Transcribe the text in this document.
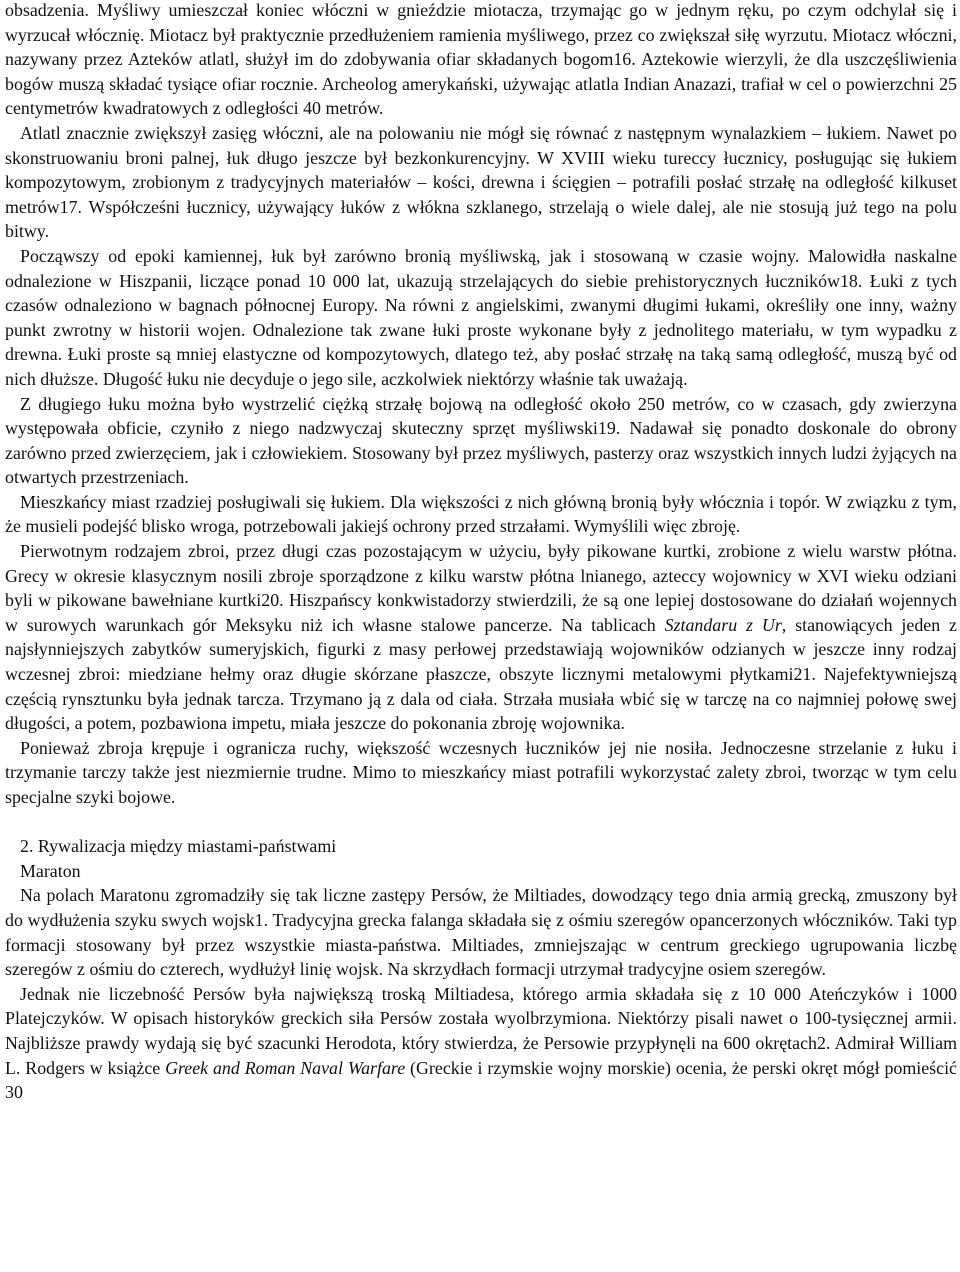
obsadzenia. Myśliwy umieszczał koniec włóczni w gnieździe miotacza, trzymając go w jednym ręku, po czym odchylał się i wyrzucał włócznię. Miotacz był praktycznie przedłużeniem ramienia myśliwego, przez co zwiększał siłę wyrzutu. Miotacz włóczni, nazywany przez Azteków atlatl, służył im do zdobywania ofiar składanych bogom16. Aztekowie wierzyli, że dla uszczęśliwienia bogów muszą składać tysiące ofiar rocznie. Archeolog amerykański, używając atlatla Indian Anazazi, trafiał w cel o powierzchni 25 centymetrów kwadratowych z odległości 40 metrów.

Atlatl znacznie zwiększył zasięg włóczni, ale na polowaniu nie mógł się równać z następnym wynalazkiem – łukiem. Nawet po skonstruowaniu broni palnej, łuk długo jeszcze był bezkonkurencyjny. W XVIII wieku tureccy łucznicy, posługując się łukiem kompozytowym, zrobionym z tradycyjnych materiałów – kości, drewna i ścięgien – potrafili posłać strzałę na odległość kilkuset metrów17. Współcześni łucznicy, używający łuków z włókna szklanego, strzelają o wiele dalej, ale nie stosują już tego na polu bitwy.

Począwszy od epoki kamiennej, łuk był zarówno bronią myśliwską, jak i stosowaną w czasie wojny. Malowidła naskalne odnalezione w Hiszpanii, liczące ponad 10 000 lat, ukazują strzelających do siebie prehistorycznych łuczników18. Łuki z tych czasów odnaleziono w bagnach północnej Europy. Na równi z angielskimi, zwanymi długimi łukami, określiły one inny, ważny punkt zwrotny w historii wojen. Odnalezione tak zwane łuki proste wykonane były z jednolitego materiału, w tym wypadku z drewna. Łuki proste są mniej elastyczne od kompozytowych, dlatego też, aby posłać strzałę na taką samą odległość, muszą być od nich dłuższe. Długość łuku nie decyduje o jego sile, aczkolwiek niektórzy właśnie tak uważają.

Z długiego łuku można było wystrzelić ciężką strzałę bojową na odległość około 250 metrów, co w czasach, gdy zwierzyna występowała obficie, czyniło z niego nadzwyczaj skuteczny sprzęt myśliwski19. Nadawał się ponadto doskonale do obrony zarówno przed zwierzęciem, jak i człowiekiem. Stosowany był przez myśliwych, pasterzy oraz wszystkich innych ludzi żyjących na otwartych przestrzeniach.

Mieszkańcy miast rzadziej posługiwali się łukiem. Dla większości z nich główną bronią były włócznia i topór. W związku z tym, że musieli podejść blisko wroga, potrzebowali jakiejś ochrony przed strzałami. Wymyślili więc zbroję.

Pierwotnym rodzajem zbroi, przez długi czas pozostającym w użyciu, były pikowane kurtki, zrobione z wielu warstw płótna. Grecy w okresie klasycznym nosili zbroje sporządzone z kilku warstw płótna lnianego, azteccy wojownicy w XVI wieku odziani byli w pikowane bawełniane kurtki20. Hiszpańscy konkwistadorzy stwierdzili, że są one lepiej dostosowane do działań wojennych w surowych warunkach gór Meksyku niż ich własne stalowe pancerze. Na tablicach Sztandaru z Ur, stanowiących jeden z najsłynniejszych zabytków sumeryjskich, figurki z masy perłowej przedstawiają wojowników odzianych w jeszcze inny rodzaj wczesnej zbroi: miedziane hełmy oraz długie skórzane płaszcze, obszyte licznymi metalowymi płytkami21. Najefektywniejszą częścią rynsztunku była jednak tarcza. Trzymano ją z dala od ciała. Strzała musiała wbić się w tarczę na co najmniej połowę swej długości, a potem, pozbawiona impetu, miała jeszcze do pokonania zbroję wojownika.

Ponieważ zbroja krępuje i ogranicza ruchy, większość wczesnych łuczników jej nie nosiła. Jednoczesne strzelanie z łuku i trzymanie tarczy także jest niezmiernie trudne. Mimo to mieszkańcy miast potrafili wykorzystać zalety zbroi, tworząc w tym celu specjalne szyki bojowe.

2. Rywalizacja między miastami-państwami

Maraton

Na polach Maratonu zgromadziły się tak liczne zastępy Persów, że Miltiades, dowodzący tego dnia armią grecką, zmuszony był do wydłużenia szyku swych wojsk1. Tradycyjna grecka falanga składała się z ośmiu szeregów opancerzonych włóczników. Taki typ formacji stosowany był przez wszystkie miasta-państwa. Miltiades, zmniejszając w centrum greckiego ugrupowania liczbę szeregów z ośmiu do czterech, wydłużył linię wojsk. Na skrzydłach formacji utrzymał tradycyjne osiem szeregów.

Jednak nie liczebność Persów była największą troską Miltiadesa, którego armia składała się z 10 000 Ateńczyków i 1000 Platejczyków. W opisach historyków greckich siła Persów została wyolbrzymiona. Niektórzy pisali nawet o 100-tysięcznej armii. Najbliższe prawdy wydają się być szacunki Herodota, który stwierdza, że Persowie przypłynęli na 600 okrętach2. Admirał William L. Rodgers w książce Greek and Roman Naval Warfare (Greckie i rzymskie wojny morskie) ocenia, że perski okręt mógł pomieścić 30
